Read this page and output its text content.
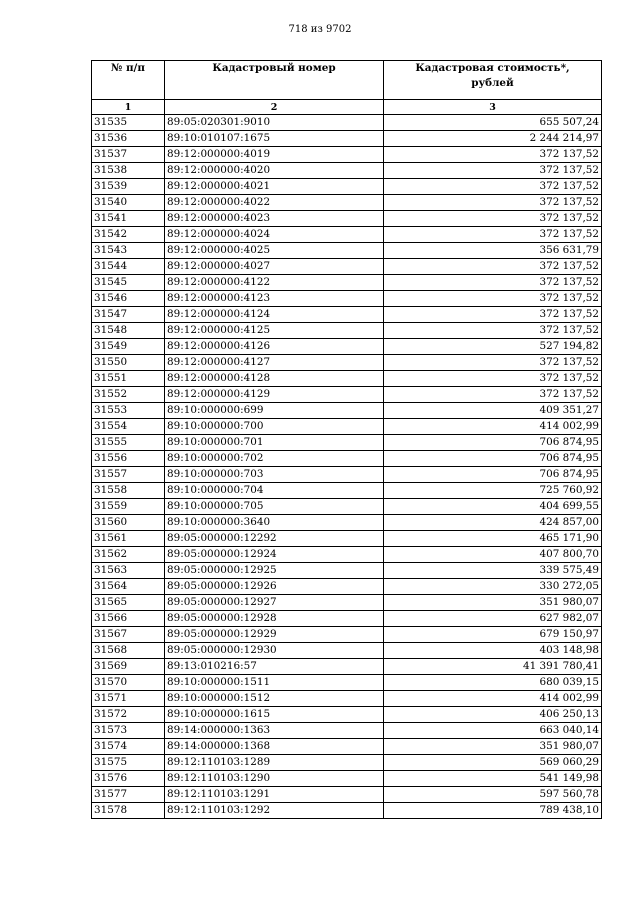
718 из 9702
№ п/п	Кадастровый номер	Кадастровая стоимость*,
рублей

1	2	3
31535	89:05:020301:9010	655 507,24
31536	89:10:010107:1675	2 244 214,97
31537	89:12:000000:4019	372 137,52
31538	89:12:000000:4020	372 137,52
31539	89:12:000000:4021	372 137,52
31540	89:12:000000:4022	372 137,52
31541	89:12:000000:4023	372 137,52
31542	89:12:000000:4024	372 137,52
31543	89:12:000000:4025	356 631,79
31544	89:12:000000:4027	372 137,52
31545	89:12:000000:4122	372 137,52
31546	89:12:000000:4123	372 137,52
31547	89:12:000000:4124	372 137,52
31548	89:12:000000:4125	372 137,52
31549	89:12:000000:4126	527 194,82
31550	89:12:000000:4127	372 137,52
31551	89:12:000000:4128	372 137,52
31552	89:12:000000:4129	372 137,52
31553	89:10:000000:699	409 351,27
31554	89:10:000000:700	414 002,99
31555	89:10:000000:701	706 874,95
31556	89:10:000000:702	706 874,95
31557	89:10:000000:703	706 874,95
31558	89:10:000000:704	725 760,92
31559	89:10:000000:705	404 699,55
31560	89:10:000000:3640	424 857,00
31561	89:05:000000:12292	465 171,90
31562	89:05:000000:12924	407 800,70
31563	89:05:000000:12925	339 575,49
31564	89:05:000000:12926	330 272,05
31565	89:05:000000:12927	351 980,07
31566	89:05:000000:12928	627 982,07
31567	89:05:000000:12929	679 150,97
31568	89:05:000000:12930	403 148,98
31569	89:13:010216:57	41 391 780,41
31570	89:10:000000:1511	680 039,15
31571	89:10:000000:1512	414 002,99
31572	89:10:000000:1615	406 250,13
31573	89:14:000000:1363	663 040,14
31574	89:14:000000:1368	351 980,07
31575	89:12:110103:1289	569 060,29
31576	89:12:110103:1290	541 149,98
31577	89:12:110103:1291	597 560,78
31578	89:12:110103:1292	789 438,10
